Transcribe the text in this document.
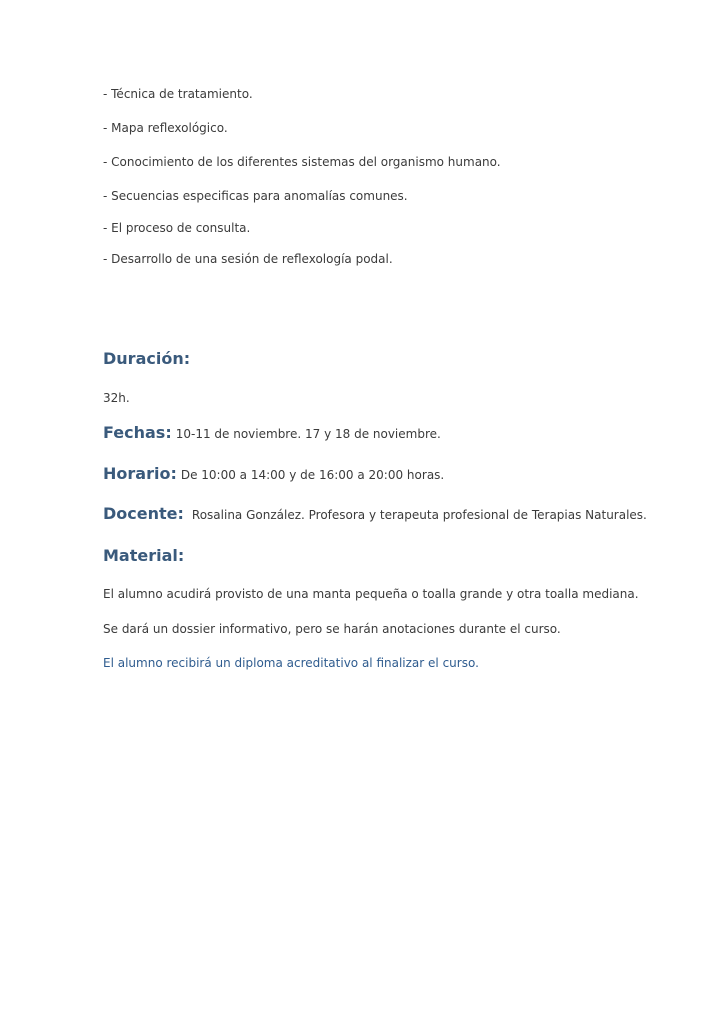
- Técnica de tratamiento.
- Mapa reflexológico.
- Conocimiento de los diferentes sistemas del organismo humano.
- Secuencias especificas para anomalías comunes.
- El proceso de consulta.
- Desarrollo de una sesión de reflexología podal.
Duración:
32h.
Fechas: 10-11 de noviembre. 17 y 18 de noviembre.
Horario: De 10:00 a 14:00 y de 16:00 a 20:00 horas.
Docente: Rosalina González. Profesora y terapeuta profesional de Terapias Naturales.
Material:
El alumno acudirá provisto de una manta pequeña o toalla grande y otra toalla mediana.
Se dará un dossier informativo, pero se harán anotaciones durante el curso.
El alumno recibirá un diploma acreditativo al finalizar el curso.
